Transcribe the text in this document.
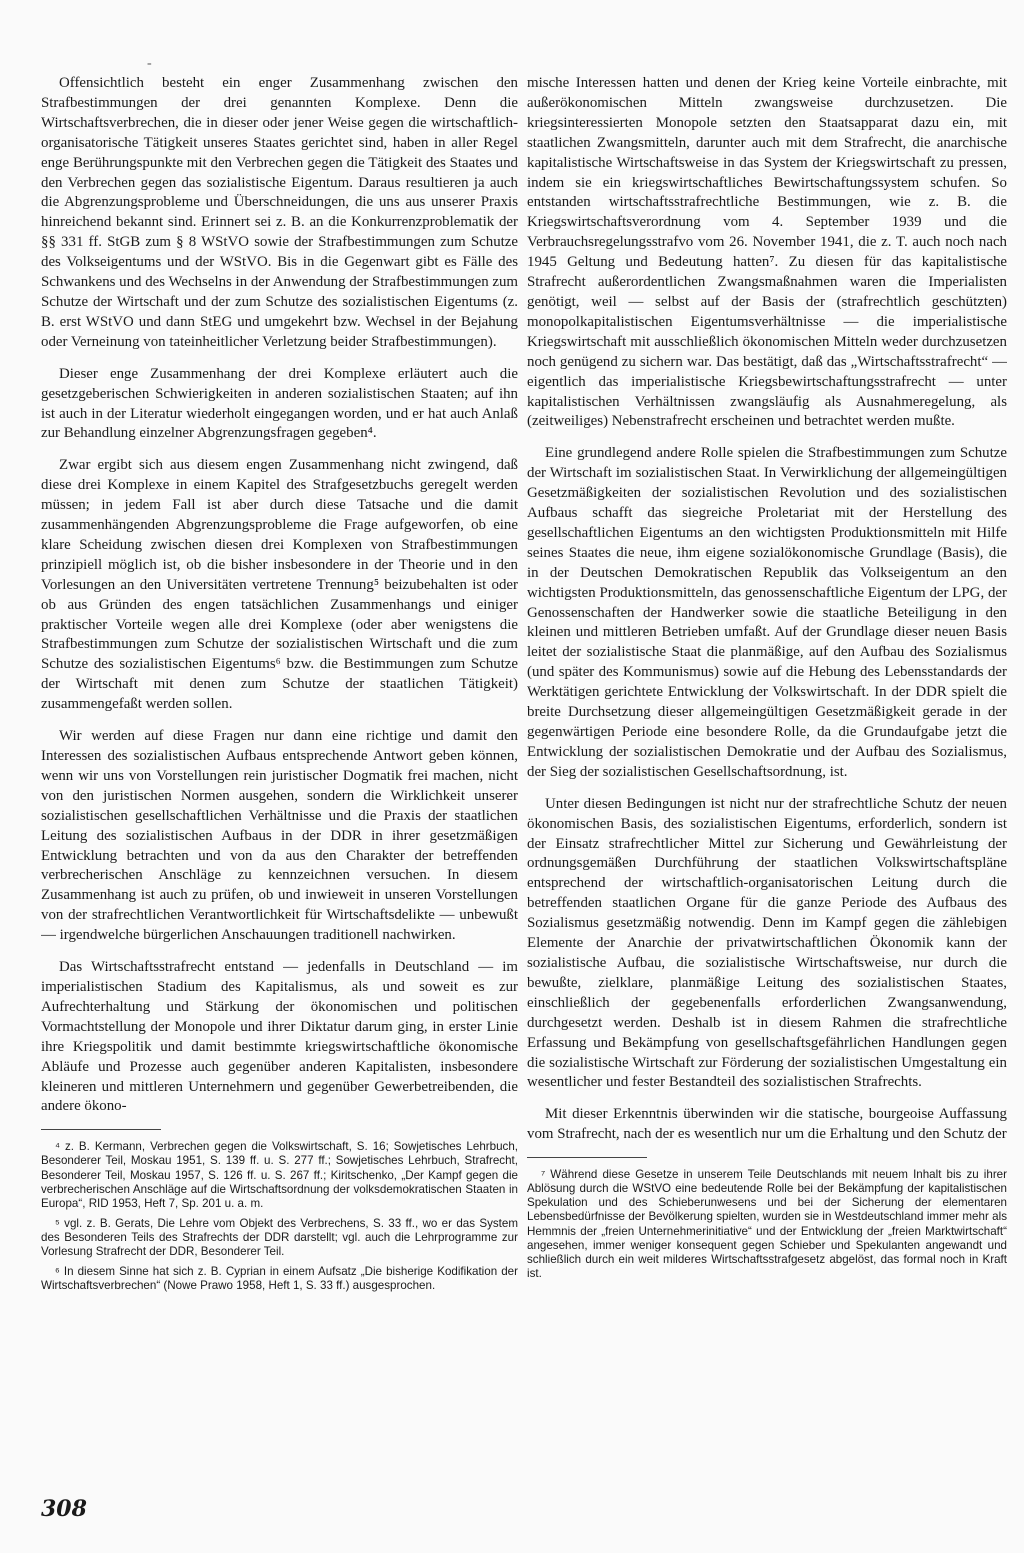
-

Offensichtlich besteht ein enger Zusammenhang zwischen den Strafbestimmungen der drei genannten Komplexe. Denn die Wirtschaftsverbrechen, die in dieser oder jener Weise gegen die wirtschaftlich-organisatorische Tätigkeit unseres Staates gerichtet sind, haben in aller Regel enge Berührungspunkte mit den Verbrechen gegen die Tätigkeit des Staates und den Verbrechen gegen das sozialistische Eigentum. Daraus resultieren ja auch die Abgrenzungsprobleme und Überschneidungen, die uns aus unserer Praxis hinreichend bekannt sind. Erinnert sei z. B. an die Konkurrenzproblematik der §§ 331 ff. StGB zum § 8 WStVO sowie der Strafbestimmungen zum Schutze des Volkseigentums und der WStVO. Bis in die Gegenwart gibt es Fälle des Schwankens und des Wechselns in der Anwendung der Strafbestimmungen zum Schutze der Wirtschaft und der zum Schutze des sozialistischen Eigentums (z. B. erst WStVO und dann StEG und umgekehrt bzw. Wechsel in der Bejahung oder Verneinung von tateinheitlicher Verletzung beider Strafbestimmungen).

Dieser enge Zusammenhang der drei Komplexe erläutert auch die gesetzgeberischen Schwierigkeiten in anderen sozialistischen Staaten; auf ihn ist auch in der Literatur wiederholt eingegangen worden, und er hat auch Anlaß zur Behandlung einzelner Abgrenzungsfragen gegeben⁴.

Zwar ergibt sich aus diesem engen Zusammenhang nicht zwingend, daß diese drei Komplexe in einem Kapitel des Strafgesetzbuchs geregelt werden müssen; in jedem Fall ist aber durch diese Tatsache und die damit zusammenhängenden Abgrenzungsprobleme die Frage aufgeworfen, ob eine klare Scheidung zwischen diesen drei Komplexen von Strafbestimmungen prinzipiell möglich ist, ob die bisher insbesondere in der Theorie und in den Vorlesungen an den Universitäten vertretene Trennung⁵ beizubehalten ist oder ob aus Gründen des engen tatsächlichen Zusammenhangs und einiger praktischer Vorteile wegen alle drei Komplexe (oder aber wenigstens die Strafbestimmungen zum Schutze der sozialistischen Wirtschaft und die zum Schutze des sozialistischen Eigentums⁶ bzw. die Bestimmungen zum Schutze der Wirtschaft mit denen zum Schutze der staatlichen Tätigkeit) zusammengefaßt werden sollen.

Wir werden auf diese Fragen nur dann eine richtige und damit den Interessen des sozialistischen Aufbaus entsprechende Antwort geben können, wenn wir uns von Vorstellungen rein juristischer Dogmatik frei machen, nicht von den juristischen Normen ausgehen, sondern die Wirklichkeit unserer sozialistischen gesellschaftlichen Verhältnisse und die Praxis der staatlichen Leitung des sozialistischen Aufbaus in der DDR in ihrer gesetzmäßigen Entwicklung betrachten und von da aus den Charakter der betreffenden verbrecherischen Anschläge zu kennzeichnen versuchen. In diesem Zusammenhang ist auch zu prüfen, ob und inwieweit in unseren Vorstellungen von der strafrechtlichen Verantwortlichkeit für Wirtschaftsdelikte — unbewußt — irgendwelche bürgerlichen Anschauungen traditionell nachwirken.

Das Wirtschaftsstrafrecht entstand — jedenfalls in Deutschland — im imperialistischen Stadium des Kapitalismus, als und soweit es zur Aufrechterhaltung und Stärkung der ökonomischen und politischen Vormachtstellung der Monopole und ihrer Diktatur darum ging, in erster Linie ihre Kriegspolitik und damit bestimmte kriegswirtschaftliche ökonomische Abläufe und Prozesse auch gegenüber anderen Kapitalisten, insbesondere kleineren und mittleren Unternehmern und gegenüber Gewerbetreibenden, die andere ökono-

⁴ z. B. Kermann, Verbrechen gegen die Volkswirtschaft, S. 16; Sowjetisches Lehrbuch, Besonderer Teil, Moskau 1951, S. 139 ff. u. S. 277 ff.; Sowjetisches Lehrbuch, Strafrecht, Besonderer Teil, Moskau 1957, S. 126 ff. u. S. 267 ff.; Kiritschenko, „Der Kampf gegen die verbrecherischen Anschläge auf die Wirtschaftsordnung der volksdemokratischen Staaten in Europa“, RID 1953, Heft 7, Sp. 201 u. a. m.

⁵ vgl. z. B. Gerats, Die Lehre vom Objekt des Verbrechens, S. 33 ff., wo er das System des Besonderen Teils des Strafrechts der DDR darstellt; vgl. auch die Lehrprogramme zur Vorlesung Strafrecht der DDR, Besonderer Teil.

⁶ In diesem Sinne hat sich z. B. Cyprian in einem Aufsatz „Die bisherige Kodifikation der Wirtschaftsverbrechen“ (Nowe Prawo 1958, Heft 1, S. 33 ff.) ausgesprochen.

mische Interessen hatten und denen der Krieg keine Vorteile einbrachte, mit außerökonomischen Mitteln zwangsweise durchzusetzen. Die kriegsinteressierten Monopole setzten den Staatsapparat dazu ein, mit staatlichen Zwangsmitteln, darunter auch mit dem Strafrecht, die anarchische kapitalistische Wirtschaftsweise in das System der Kriegswirtschaft zu pressen, indem sie ein kriegswirtschaftliches Bewirtschaftungssystem schufen. So entstanden wirtschaftsstrafrechtliche Bestimmungen, wie z. B. die Kriegswirtschaftsverordnung vom 4. September 1939 und die Verbrauchsregelungsstrafvo vom 26. November 1941, die z. T. auch noch nach 1945 Geltung und Bedeutung hatten⁷. Zu diesen für das kapitalistische Strafrecht außerordentlichen Zwangsmaßnahmen waren die Imperialisten genötigt, weil — selbst auf der Basis der (strafrechtlich geschützten) monopolkapitalistischen Eigentumsverhältnisse — die imperialistische Kriegswirtschaft mit ausschließlich ökonomischen Mitteln weder durchzusetzen noch genügend zu sichern war. Das bestätigt, daß das „Wirtschaftsstrafrecht“ — eigentlich das imperialistische Kriegsbewirtschaftungsstrafrecht — unter kapitalistischen Verhältnissen zwangsläufig als Ausnahmeregelung, als (zeitweiliges) Nebenstrafrecht erscheinen und betrachtet werden mußte.

Eine grundlegend andere Rolle spielen die Strafbestimmungen zum Schutze der Wirtschaft im sozialistischen Staat. In Verwirklichung der allgemeingültigen Gesetzmäßigkeiten der sozialistischen Revolution und des sozialistischen Aufbaus schafft das siegreiche Proletariat mit der Herstellung des gesellschaftlichen Eigentums an den wichtigsten Produktionsmitteln mit Hilfe seines Staates die neue, ihm eigene sozialökonomische Grundlage (Basis), die in der Deutschen Demokratischen Republik das Volkseigentum an den wichtigsten Produktionsmitteln, das genossenschaftliche Eigentum der LPG, der Genossenschaften der Handwerker sowie die staatliche Beteiligung in den kleinen und mittleren Betrieben umfaßt. Auf der Grundlage dieser neuen Basis leitet der sozialistische Staat die planmäßige, auf den Aufbau des Sozialismus (und später des Kommunismus) sowie auf die Hebung des Lebensstandards der Werktätigen gerichtete Entwicklung der Volkswirtschaft. In der DDR spielt die breite Durchsetzung dieser allgemeingültigen Gesetzmäßigkeit gerade in der gegenwärtigen Periode eine besondere Rolle, da die Grundaufgabe jetzt die Entwicklung der sozialistischen Demokratie und der Aufbau des Sozialismus, der Sieg der sozialistischen Gesellschaftsordnung, ist.

Unter diesen Bedingungen ist nicht nur der strafrechtliche Schutz der neuen ökonomischen Basis, des sozialistischen Eigentums, erforderlich, sondern ist der Einsatz strafrechtlicher Mittel zur Sicherung und Gewährleistung der ordnungsgemäßen Durchführung der staatlichen Volkswirtschaftspläne entsprechend der wirtschaftlich-organisatorischen Leitung durch die betreffenden staatlichen Organe für die ganze Periode des Aufbaus des Sozialismus gesetzmäßig notwendig. Denn im Kampf gegen die zählebigen Elemente der Anarchie der privatwirtschaftlichen Ökonomik kann der sozialistische Aufbau, die sozialistische Wirtschaftsweise, nur durch die bewußte, zielklare, planmäßige Leitung des sozialistischen Staates, einschließlich der gegebenenfalls erforderlichen Zwangsanwendung, durchgesetzt werden. Deshalb ist in diesem Rahmen die strafrechtliche Erfassung und Bekämpfung von gesellschaftsgefährlichen Handlungen gegen die sozialistische Wirtschaft zur Förderung der sozialistischen Umgestaltung ein wesentlicher und fester Bestandteil des sozialistischen Strafrechts.

Mit dieser Erkenntnis überwinden wir die statische, bourgeoise Auffassung vom Strafrecht, nach der es wesentlich nur um die Erhaltung und den Schutz der

⁷ Während diese Gesetze in unserem Teile Deutschlands mit neuem Inhalt bis zu ihrer Ablösung durch die WStVO eine bedeutende Rolle bei der Bekämpfung der kapitalistischen Spekulation und des Schieberunwesens und bei der Sicherung der elementaren Lebensbedürfnisse der Bevölkerung spielten, wurden sie in Westdeutschland immer mehr als Hemmnis der „freien Unternehmerinitiative“ und der Entwicklung der „freien Marktwirtschaft“ angesehen, immer weniger konsequent gegen Schieber und Spekulanten angewandt und schließlich durch ein weit milderes Wirtschaftsstrafgesetz abgelöst, das formal noch in Kraft ist.

308
